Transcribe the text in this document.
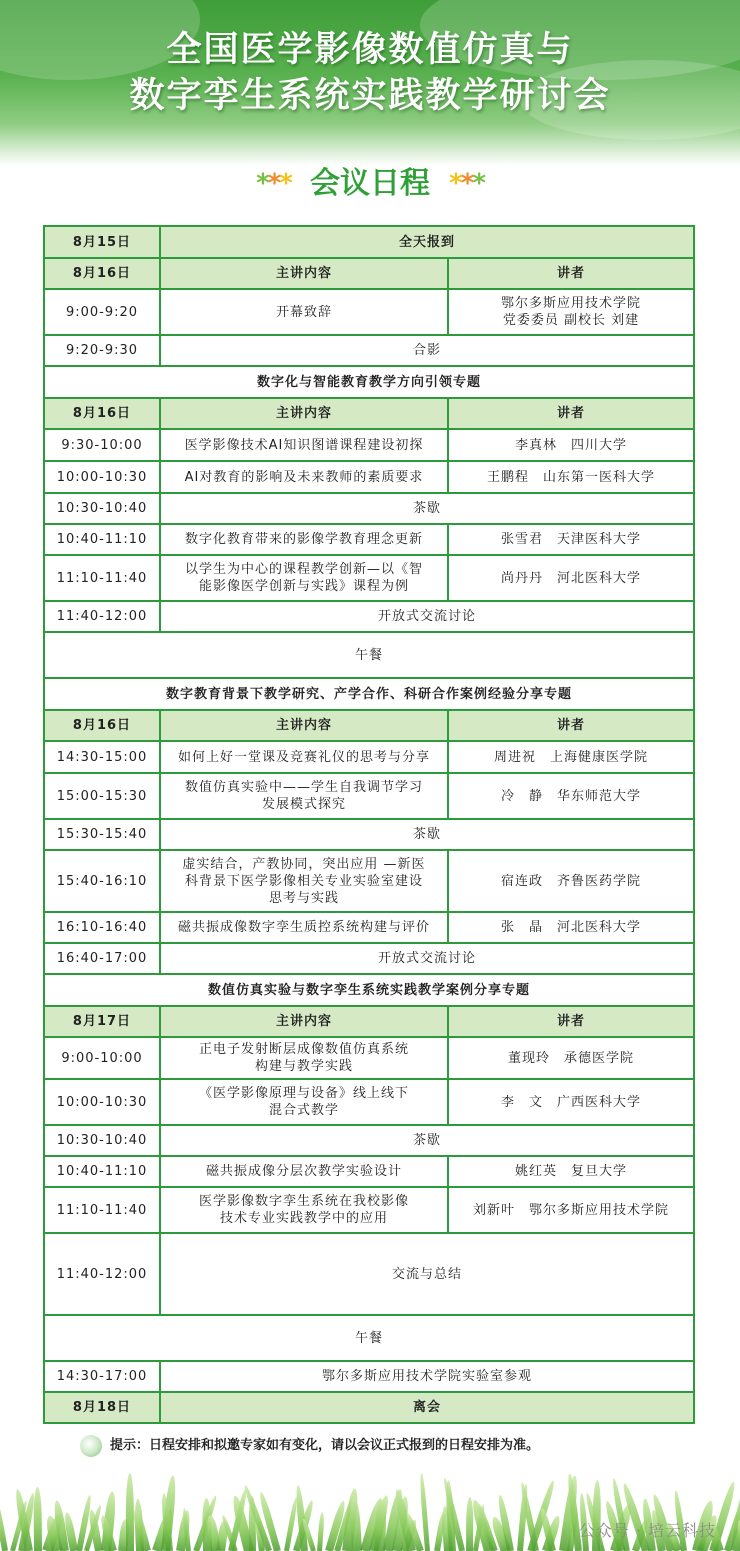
全国医学影像数值仿真与
数字孪生系统实践教学研讨会
*** 会议日程 ***
8月15日	全天报到	
8月16日	主讲内容	讲者
9:00-9:20	开幕致辞	鄂尔多斯应用技术学院
党委委员 副校长 刘建

9:20-9:30	合影	
数字化与智能教育教学方向引领专题		
8月16日	主讲内容	讲者
9:30-10:00	医学影像技术AI知识图谱课程建设初探	李真林 四川大学
10:00-10:30	AI对教育的影响及未来教师的素质要求	王鹏程 山东第一医科大学
10:30-10:40	茶歇	
10:40-11:10	数字化教育带来的影像学教育理念更新	张雪君 天津医科大学
11:10-11:40	以学生为中心的课程教学创新—以《智
能影像医学创新与实践》课程为例	尚丹丹 河北医科大学
11:40-12:00	开放式交流讨论	
午餐		
数字教育背景下教学研究、产学合作、科研合作案例经验分享专题		
8月16日	主讲内容	讲者
14:30-15:00	如何上好一堂课及竞赛礼仪的思考与分享	周进祝 上海健康医学院
15:00-15:30	数值仿真实验中——学生自我调节学习
发展模式探究	冷　静 华东师范大学
15:30-15:40	茶歇	
15:40-16:10	虚实结合，产教协同，突出应用 —新医
科背景下医学影像相关专业实验室建设
思考与实践	宿连政 齐鲁医药学院
16:10-16:40	磁共振成像数字孪生质控系统构建与评价	张　晶 河北医科大学
16:40-17:00	开放式交流讨论	
数值仿真实验与数字孪生系统实践教学案例分享专题		
8月17日	主讲内容	讲者
9:00-10:00	正电子发射断层成像数值仿真系统
构建与教学实践	董现玲 承德医学院
10:00-10:30	《医学影像原理与设备》线上线下
混合式教学	李　文 广西医科大学
10:30-10:40	茶歇	
10:40-11:10	磁共振成像分层次教学实验设计	姚红英 复旦大学
11:10-11:40	医学影像数字孪生系统在我校影像
技术专业实践教学中的应用	刘新叶 鄂尔多斯应用技术学院
11:40-12:00	交流与总结	
午餐		
14:30-17:00	鄂尔多斯应用技术学院实验室参观	
8月18日	离会	
提示：日程安排和拟邀专家如有变化，请以会议正式报到的日程安排为准。
公众号 · 培云科技
